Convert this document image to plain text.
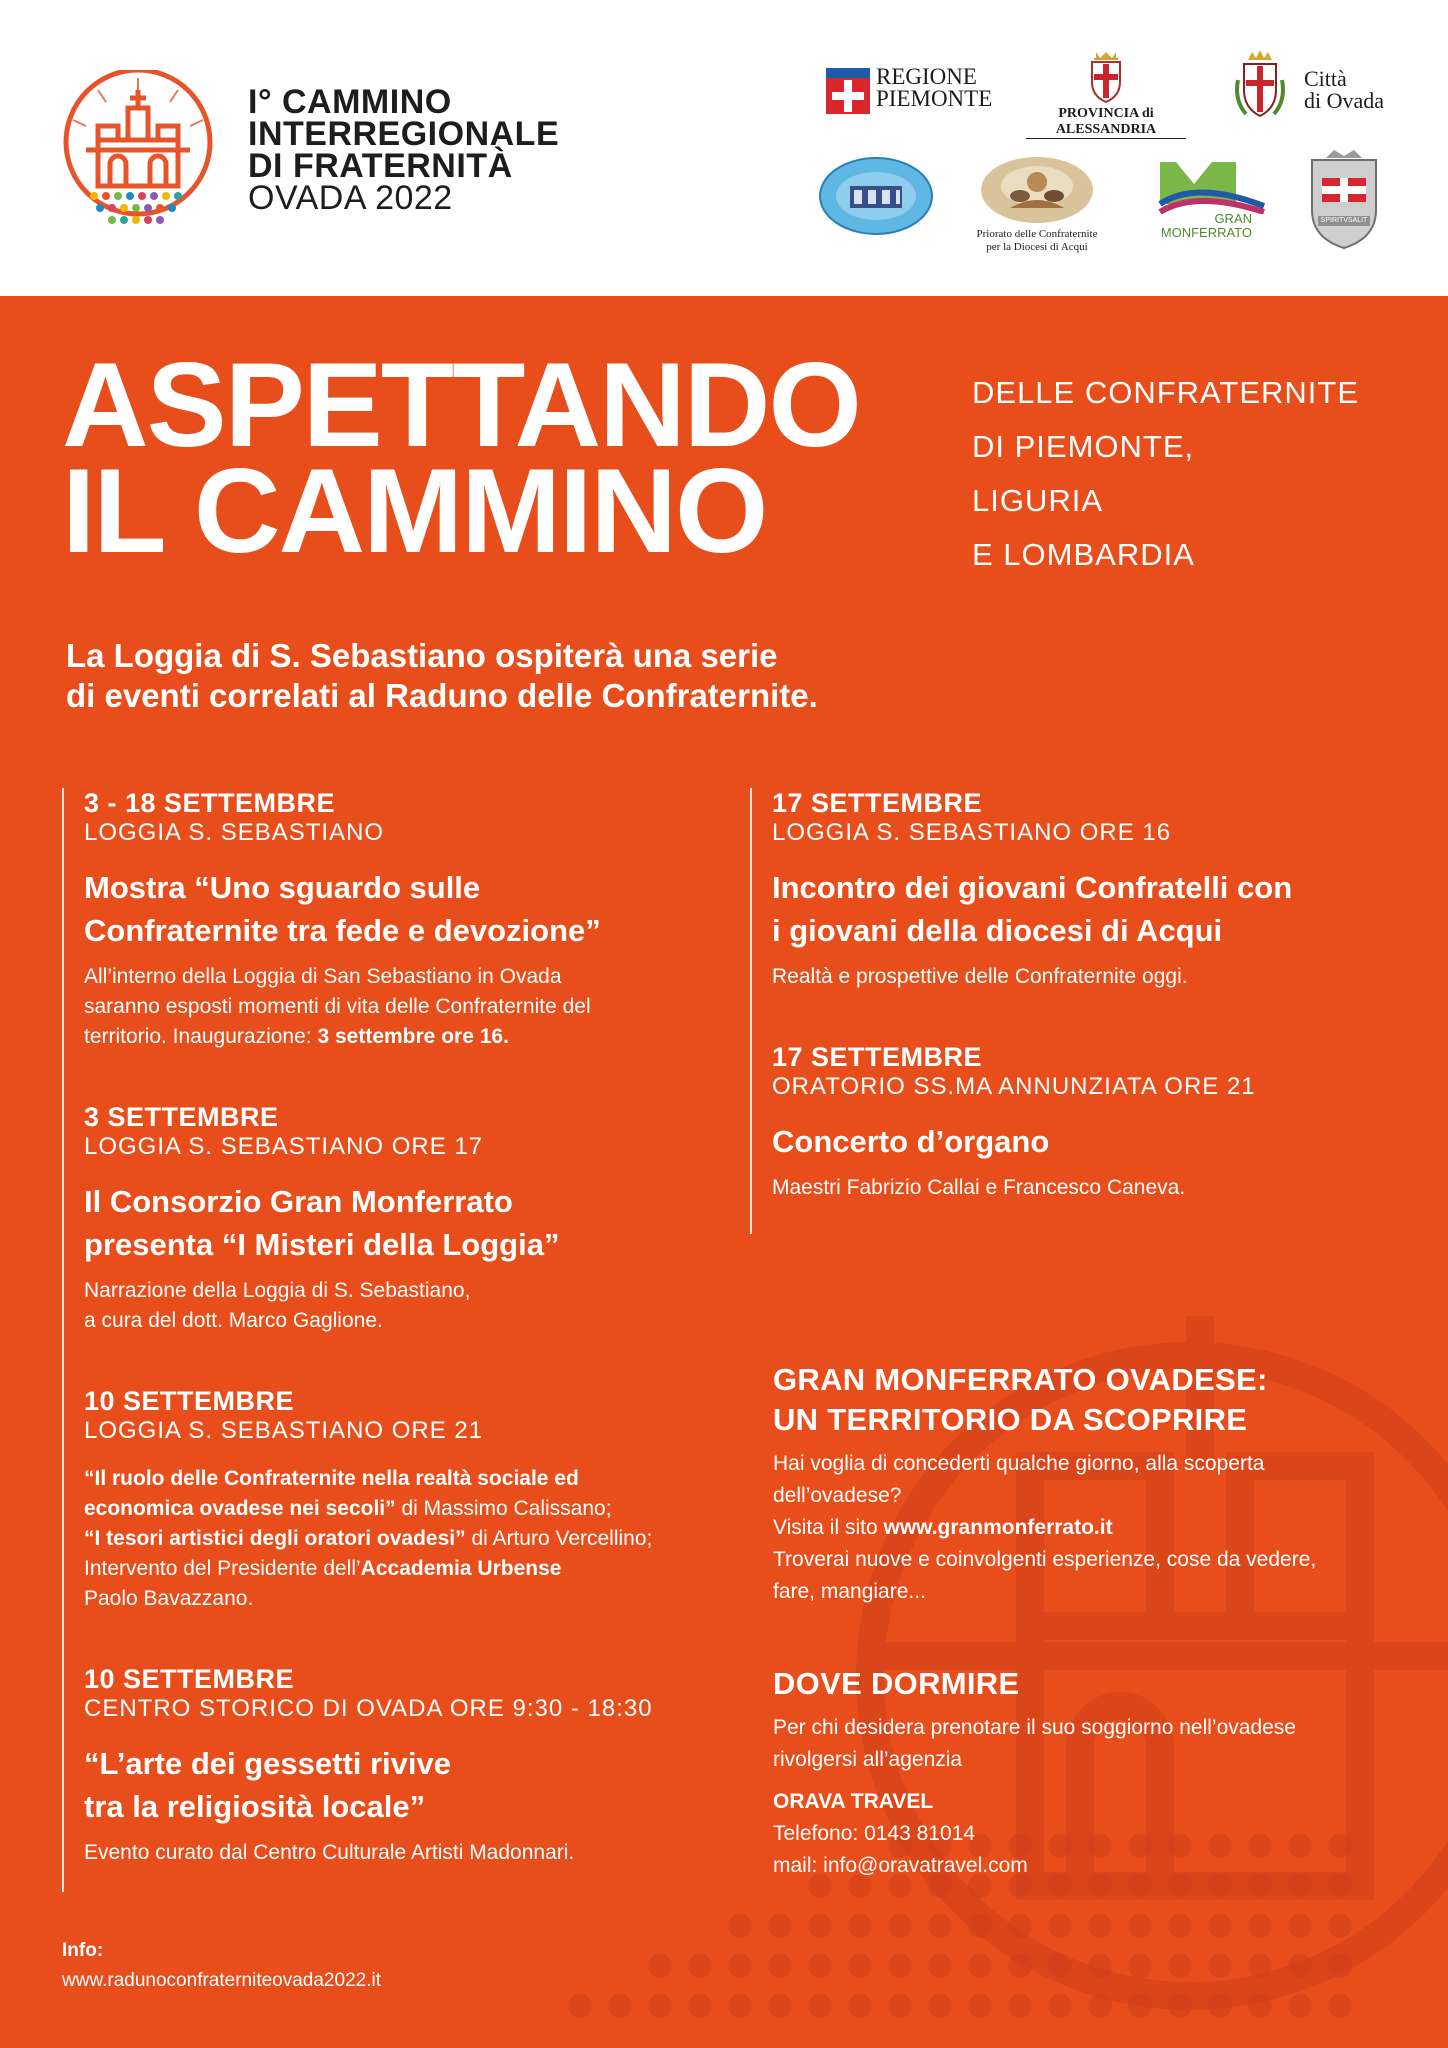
I° CAMMINO
INTERREGIONALE
DI FRATERNITÀ
OVADA 2022
REGIONE
PIEMONTE
PROVINCIA di ALESSANDRIA
Città
di Ovada
Priorato delle Confraternite
per la Diocesi di Acqui
GRAN
MONFERRATO
SPIRITVSALIT
ASPETTANDO
IL CAMMINO
DELLE CONFRATERNITE
DI PIEMONTE,
LIGURIA
E LOMBARDIA
La Loggia di S. Sebastiano ospiterà una serie
di eventi correlati al Raduno delle Confraternite.
3 - 18 SETTEMBRE
LOGGIA S. SEBASTIANO
Mostra “Uno sguardo sulle
Confraternite tra fede e devozione”
All’interno della Loggia di San Sebastiano in Ovada
saranno esposti momenti di vita delle Confraternite del
territorio. Inaugurazione: 3 settembre ore 16.
3 SETTEMBRE
LOGGIA S. SEBASTIANO ORE 17
Il Consorzio Gran Monferrato
presenta “I Misteri della Loggia”
Narrazione della Loggia di S. Sebastiano,
a cura del dott. Marco Gaglione.
10 SETTEMBRE
LOGGIA S. SEBASTIANO ORE 21
“Il ruolo delle Confraternite nella realtà sociale ed
economica ovadese nei secoli” di Massimo Calissano;
“I tesori artistici degli oratori ovadesi” di Arturo Vercellino;
Intervento del Presidente dell’Accademia Urbense
Paolo Bavazzano.
10 SETTEMBRE
CENTRO STORICO DI OVADA ORE 9:30 - 18:30
“L’arte dei gessetti rivive
tra la religiosità locale”
Evento curato dal Centro Culturale Artisti Madonnari.
17 SETTEMBRE
LOGGIA S. SEBASTIANO ORE 16
Incontro dei giovani Confratelli con
i giovani della diocesi di Acqui
Realtà e prospettive delle Confraternite oggi.
17 SETTEMBRE
ORATORIO SS.MA ANNUNZIATA ORE 21
Concerto d’organo
Maestri Fabrizio Callai e Francesco Caneva.
GRAN MONFERRATO OVADESE:
UN TERRITORIO DA SCOPRIRE
Hai voglia di concederti qualche giorno, alla scoperta
dell’ovadese?
Visita il sito www.granmonferrato.it
Troverai nuove e coinvolgenti esperienze, cose da vedere,
fare, mangiare...
DOVE DORMIRE
Per chi desidera prenotare il suo soggiorno nell’ovadese
rivolgersi all’agenzia
ORAVA TRAVEL
Telefono: 0143 81014
mail: info@oravatravel.com
Info:
www.radunoconfraterniteovada2022.it
